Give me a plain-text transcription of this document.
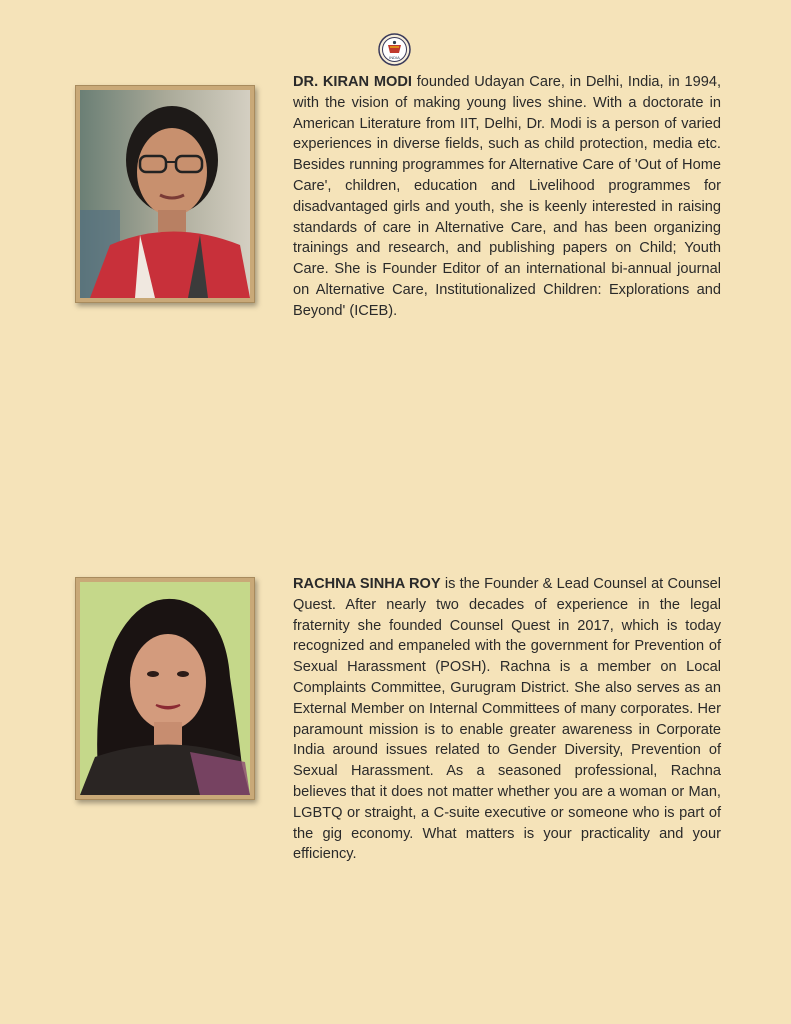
INDIA

DR. KIRAN MODI founded Udayan Care, in Delhi, India, in 1994, with the vision of making young lives shine. With a doctorate in American Literature from IIT, Delhi, Dr. Modi is a person of varied experiences in diverse fields, such as child protection, media etc. Besides running programmes for Alternative Care of 'Out of Home Care', children, education and Livelihood programmes for disadvantaged girls and youth, she is keenly interested in raising standards of care in Alternative Care, and has been organizing trainings and research, and publishing papers on Child; Youth Care. She is Founder Editor of an international bi-annual journal on Alternative Care, Institutionalized Children: Explorations and Beyond' (ICEB).

RACHNA SINHA ROY is the Founder & Lead Counsel at Counsel Quest. After nearly two decades of experience in the legal fraternity she founded Counsel Quest in 2017, which is today recognized and empaneled with the government for Prevention of Sexual Harassment (POSH). Rachna is a member on Local Complaints Committee, Gurugram District. She also serves as an External Member on Internal Committees of many corporates. Her paramount mission is to enable greater awareness in Corporate India around issues related to Gender Diversity, Prevention of Sexual Harassment. As a seasoned professional, Rachna believes that it does not matter whether you are a woman or Man, LGBTQ or straight, a C-suite executive or someone who is part of the gig economy. What matters is your practicality and your efficiency.
